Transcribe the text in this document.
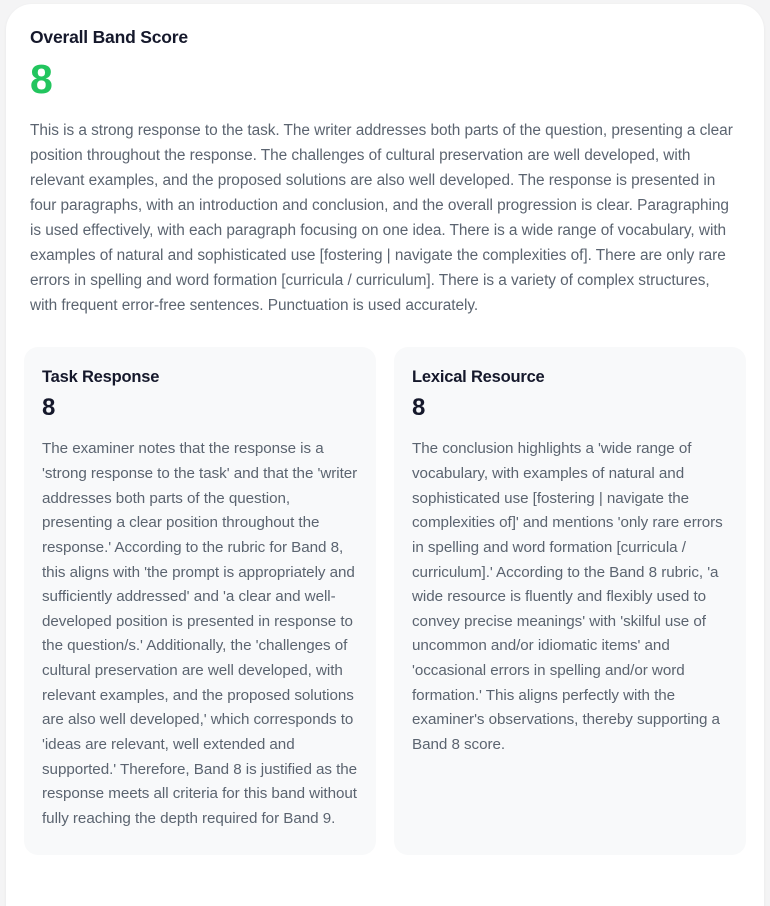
Overall Band Score
8

This is a strong response to the task. The writer addresses both parts of the question, presenting a clear position throughout the response. The challenges of cultural preservation are well developed, with relevant examples, and the proposed solutions are also well developed. The response is presented in four paragraphs, with an introduction and conclusion, and the overall progression is clear. Paragraphing is used effectively, with each paragraph focusing on one idea. There is a wide range of vocabulary, with examples of natural and sophisticated use [fostering | navigate the complexities of]. There are only rare errors in spelling and word formation [curricula / curriculum]. There is a variety of complex structures, with frequent error-free sentences. Punctuation is used accurately.

Task Response
8

The examiner notes that the response is a 'strong response to the task' and that the 'writer addresses both parts of the question, presenting a clear position throughout the response.' According to the rubric for Band 8, this aligns with 'the prompt is appropriately and sufficiently addressed' and 'a clear and well-developed position is presented in response to the question/s.' Additionally, the 'challenges of cultural preservation are well developed, with relevant examples, and the proposed solutions are also well developed,' which corresponds to 'ideas are relevant, well extended and supported.' Therefore, Band 8 is justified as the response meets all criteria for this band without fully reaching the depth required for Band 9.

Lexical Resource
8

The conclusion highlights a 'wide range of vocabulary, with examples of natural and sophisticated use [fostering | navigate the complexities of]' and mentions 'only rare errors in spelling and word formation [curricula / curriculum].' According to the Band 8 rubric, 'a wide resource is fluently and flexibly used to convey precise meanings' with 'skilful use of uncommon and/or idiomatic items' and 'occasional errors in spelling and/or word formation.' This aligns perfectly with the examiner's observations, thereby supporting a Band 8 score.
